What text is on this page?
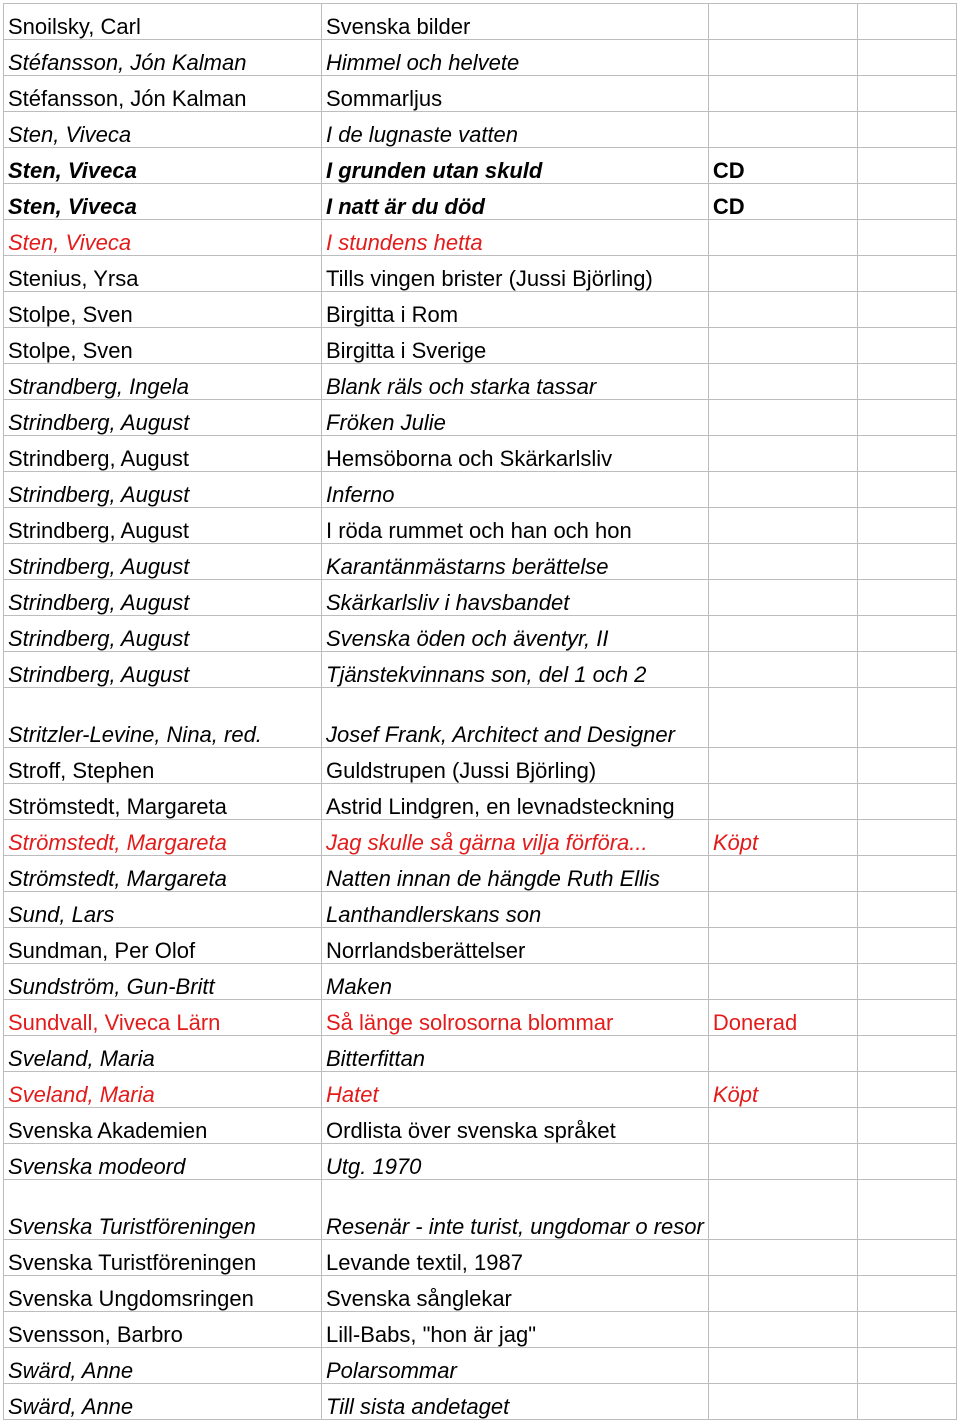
Snoilsky, Carl	Svenska bilder		
Stéfansson, Jón Kalman	Himmel och helvete		
Stéfansson, Jón Kalman	Sommarljus		
Sten, Viveca	I de lugnaste vatten		
Sten, Viveca	I grunden utan skuld	CD	
Sten, Viveca	I natt är du död	CD	
Sten, Viveca	I stundens hetta		
Stenius, Yrsa	Tills vingen brister (Jussi Björling)		
Stolpe, Sven	Birgitta i Rom		
Stolpe, Sven	Birgitta i Sverige		
Strandberg, Ingela	Blank räls och starka tassar		
Strindberg, August	Fröken Julie		
Strindberg, August	Hemsöborna och Skärkarlsliv		
Strindberg, August	Inferno		
Strindberg, August	I röda rummet och han och hon		
Strindberg, August	Karantänmästarns berättelse		
Strindberg, August	Skärkarlsliv i havsbandet		
Strindberg, August	Svenska öden och äventyr, II		
Strindberg, August	Tjänstekvinnans son, del 1 och 2		
Stritzler-Levine, Nina, red.	Josef Frank, Architect and Designer		
Stroff, Stephen	Guldstrupen (Jussi Björling)		
Strömstedt, Margareta	Astrid Lindgren, en levnadsteckning		
Strömstedt, Margareta	Jag skulle så gärna vilja förföra...	Köpt	
Strömstedt, Margareta	Natten innan de hängde Ruth Ellis		
Sund, Lars	Lanthandlerskans son		
Sundman, Per Olof	Norrlandsberättelser		
Sundström, Gun-Britt	Maken		
Sundvall, Viveca Lärn	Så länge solrosorna blommar	Donerad	
Sveland, Maria	Bitterfittan		
Sveland, Maria	Hatet	Köpt	
Svenska Akademien	Ordlista över svenska språket		
Svenska modeord	Utg. 1970		
Svenska Turistföreningen	Resenär - inte turist, ungdomar o resor		
Svenska Turistföreningen	Levande textil, 1987		
Svenska Ungdomsringen	Svenska sånglekar		
Svensson, Barbro	Lill-Babs, "hon är jag"		
Swärd, Anne	Polarsommar		
Swärd, Anne	Till sista andetaget		
